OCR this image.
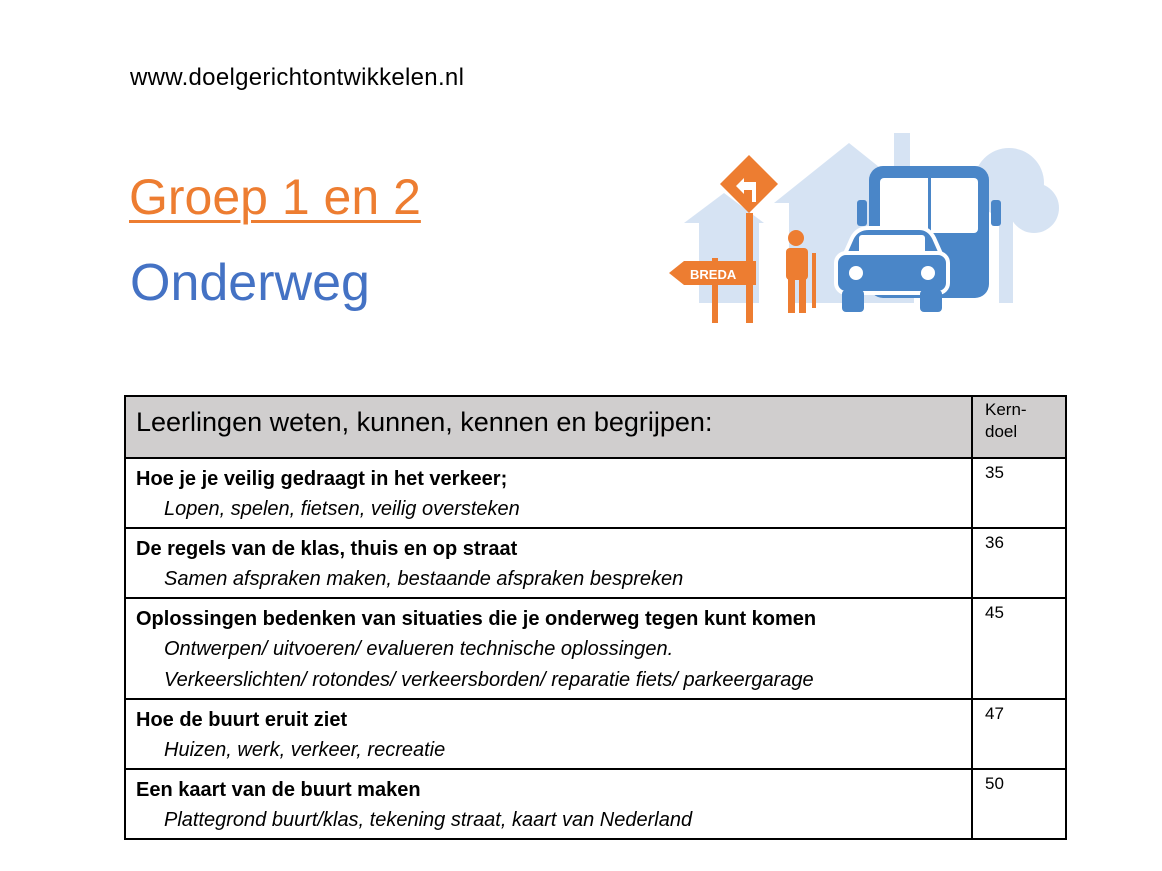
www.doelgerichtontwikkelen.nl
Groep 1 en 2
Onderweg	BREDA
Leerlingen weten, kunnen, kennen en begrijpen:	Kern-
doel

Hoe je je veilig gedraagt in het verkeer;
Lopen, spelen, fietsen, veilig oversteken	35

De regels van de klas, thuis en op straat
Samen afspraken maken, bestaande afspraken bespreken	36

Oplossingen bedenken van situaties die je onderweg tegen kunt komen
Ontwerpen/ uitvoeren/ evalueren technische oplossingen.
Verkeerslichten/ rotondes/ verkeersborden/ reparatie fiets/ parkeergarage	45

Hoe de buurt eruit ziet
Huizen, werk, verkeer, recreatie	47

Een kaart van de buurt maken
Plattegrond buurt/klas, tekening straat, kaart van Nederland	50
